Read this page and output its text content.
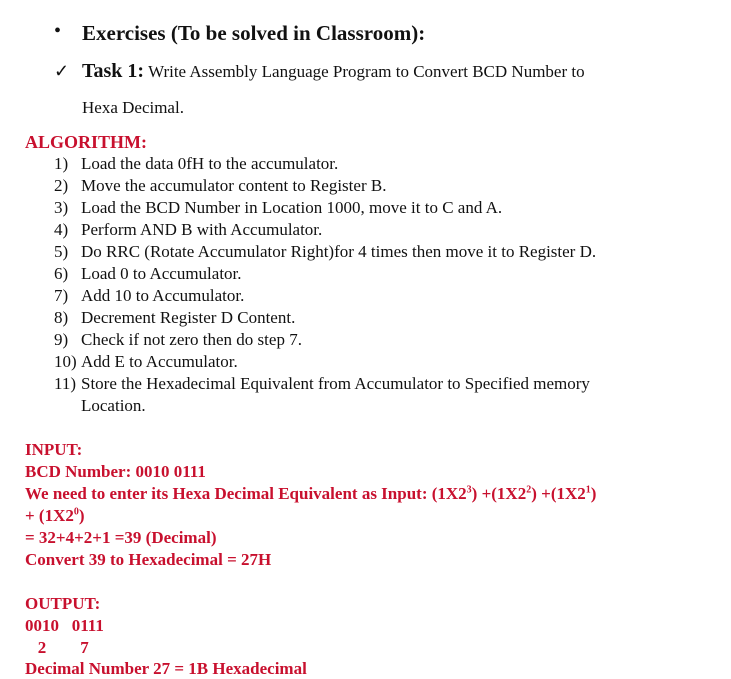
• Exercises (To be solved in Classroom):
✓ Task 1: Write Assembly Language Program to Convert BCD Number to
Hexa Decimal.
ALGORITHM:
1) Load the data 0fH to the accumulator.
2) Move the accumulator content to Register B.
3) Load the BCD Number in Location 1000, move it to C and A.
4) Perform AND B with Accumulator.
5) Do RRC (Rotate Accumulator Right)for 4 times then move it to Register D.
6) Load 0 to Accumulator.
7) Add 10 to Accumulator.
8) Decrement Register D Content.
9) Check if not zero then do step 7.
10) Add E to Accumulator.
11) Store the Hexadecimal Equivalent from Accumulator to Specified memory
Location.
INPUT:
BCD Number: 0010 0111
We need to enter its Hexa Decimal Equivalent as Input: $(1X2^3) +(1X2^2) +(1X2^1)$
+ $(1X2^0)$
= 32+4+2+1 =39 (Decimal)
Convert 39 to Hexadecimal = 27H
OUTPUT:
0010   0111
2        7
Decimal Number 27 = 1B Hexadecimal
